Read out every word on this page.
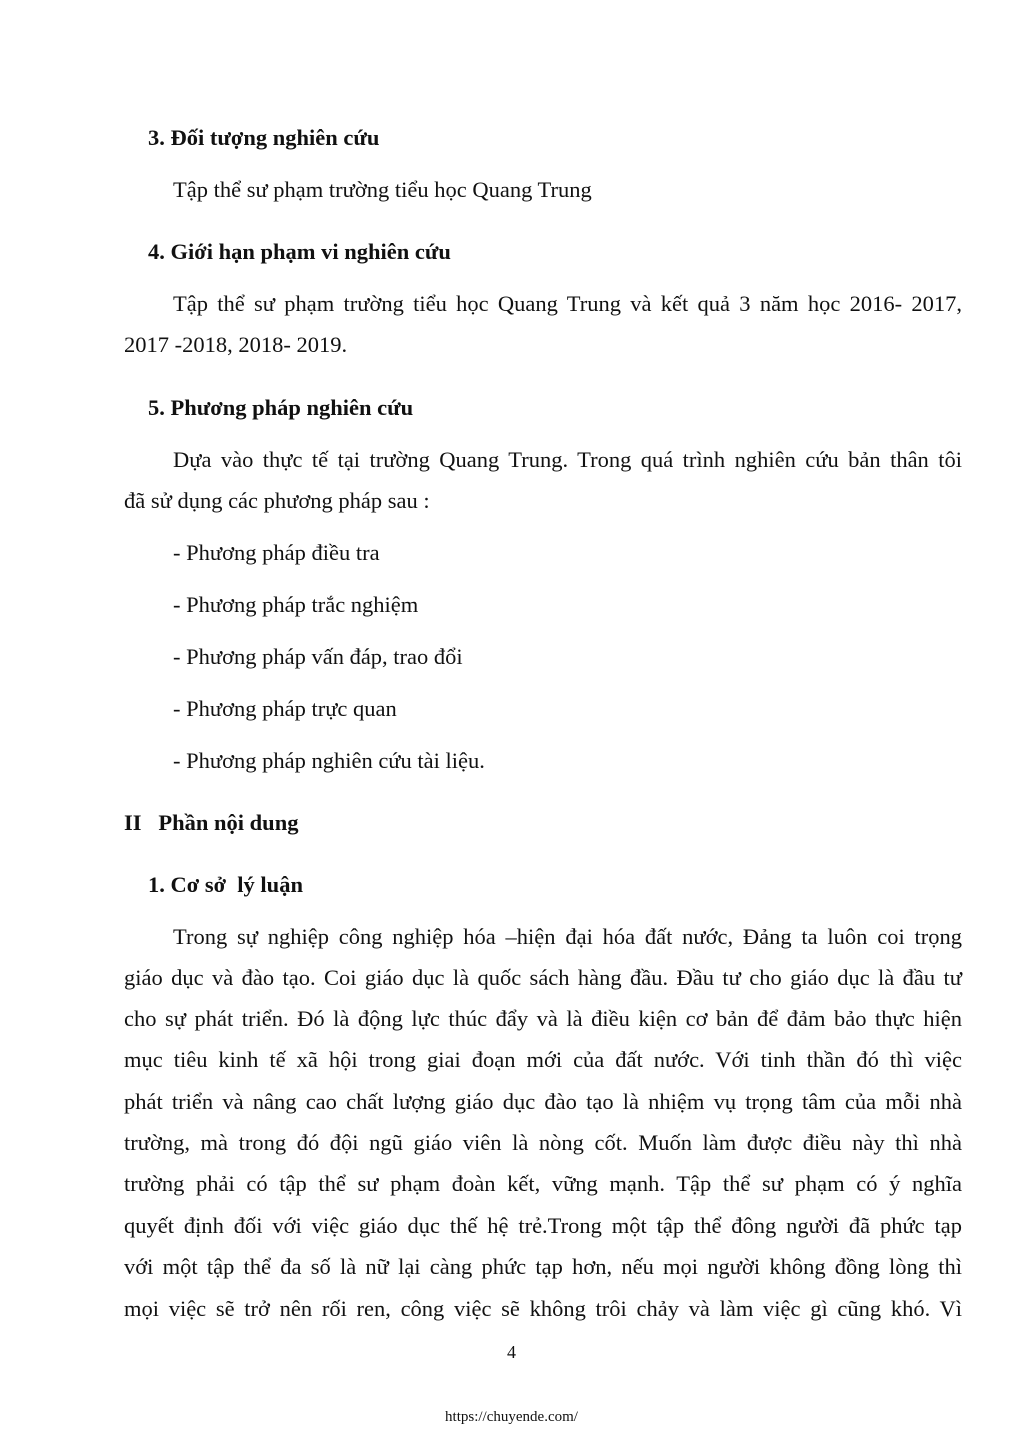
3. Đối tượng nghiên cứu
Tập thể sư phạm trường tiểu học Quang Trung
4. Giới hạn phạm vi nghiên cứu
Tập thể sư phạm trường tiểu học Quang Trung và kết quả 3 năm học 2016- 2017,
2017 -2018, 2018- 2019.
5. Phương pháp nghiên cứu
Dựa vào thực tế tại trường Quang Trung. Trong quá trình nghiên cứu bản thân tôi
đã sử dụng các phương pháp sau :
- Phương pháp điều tra
- Phương pháp trắc nghiệm
- Phương pháp vấn đáp, trao đổi
- Phương pháp trực quan
- Phương pháp nghiên cứu tài liệu.
II   Phần nội dung
1. Cơ sở  lý luận
Trong sự nghiệp công nghiệp hóa –hiện đại hóa đất nước, Đảng ta luôn coi trọng
giáo dục và đào tạo. Coi giáo dục là quốc sách hàng đầu. Đầu tư cho giáo dục là đầu tư
cho sự phát triển. Đó là động lực thúc đẩy và là điều kiện cơ bản để đảm bảo thực hiện
mục tiêu kinh tế xã hội trong giai đoạn mới của đất nước. Với tinh thần đó thì việc
phát triển và nâng cao chất lượng giáo dục đào tạo là nhiệm vụ trọng tâm của mỗi nhà
trường, mà trong đó đội ngũ giáo viên là nòng cốt. Muốn làm được điều này thì nhà
trường phải có tập thể sư phạm đoàn kết, vững mạnh. Tập thể sư phạm có ý nghĩa
quyết định đối với việc giáo dục thế hệ trẻ.Trong một tập thể đông người đã phức tạp
với một tập thể đa số là nữ lại càng phức tạp hơn, nếu mọi người không đồng lòng thì
mọi việc sẽ trở nên rối ren, công việc sẽ không trôi chảy và làm việc gì cũng khó. Vì
4
https://chuyende.com/
